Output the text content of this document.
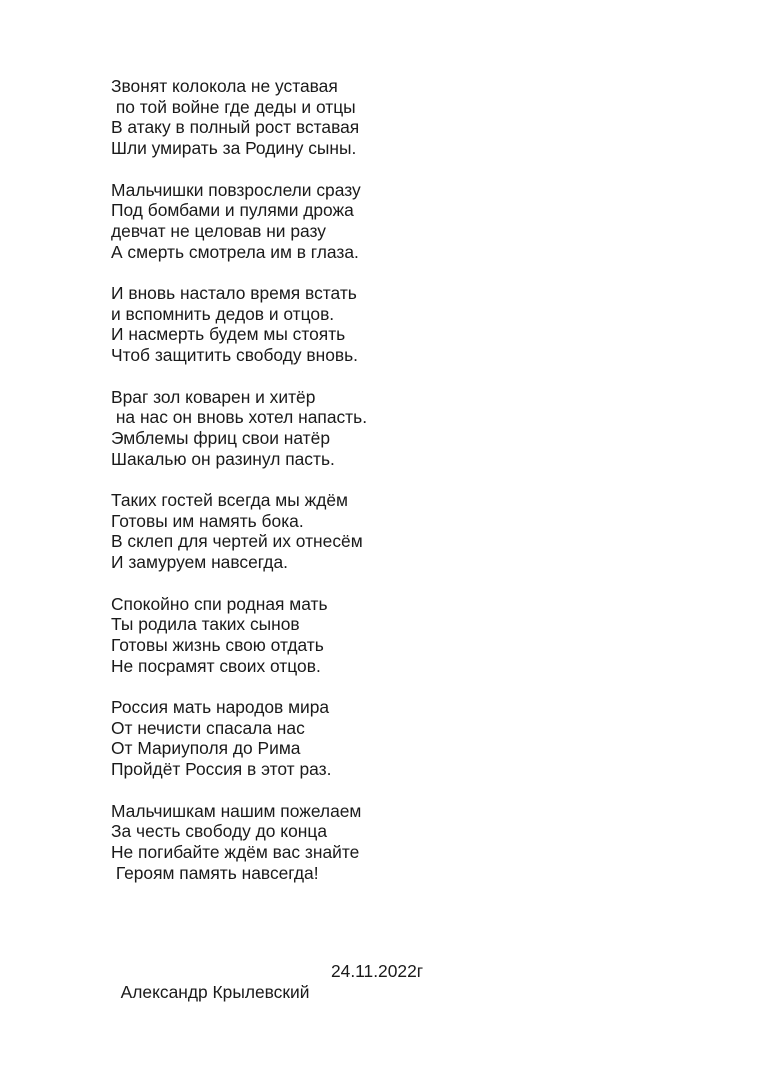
Звонят колокола не уставая
по той войне где деды и отцы
В атаку в полный рост вставая
Шли умирать за Родину сыны.
Мальчишки повзрослели сразу
Под бомбами и пулями дрожа
девчат не целовав ни разу
А смерть смотрела им в глаза.
И вновь настало время встать
и вспомнить дедов и отцов.
И насмерть будем мы стоять
Чтоб защитить свободу вновь.
Враг зол коварен и хитёр
на нас он вновь хотел напасть.
Эмблемы фриц свои натёр
Шакалью он разинул пасть.
Таких гостей всегда мы ждём
Готовы им намять бока.
В склеп для чертей их отнесём
И замуруем навсегда.
Спокойно спи родная мать
Ты родила таких сынов
Готовы жизнь свою отдать
Не посрамят своих отцов.
Россия мать народов мира
От нечисти спасала нас
От Мариуполя до Рима
Пройдёт Россия в этот раз.
Мальчишкам нашим пожелаем
За честь свободу до конца
Не погибайте ждём вас знайте
Героям память навсегда!

Александр Крылевский

24.11.2022г
